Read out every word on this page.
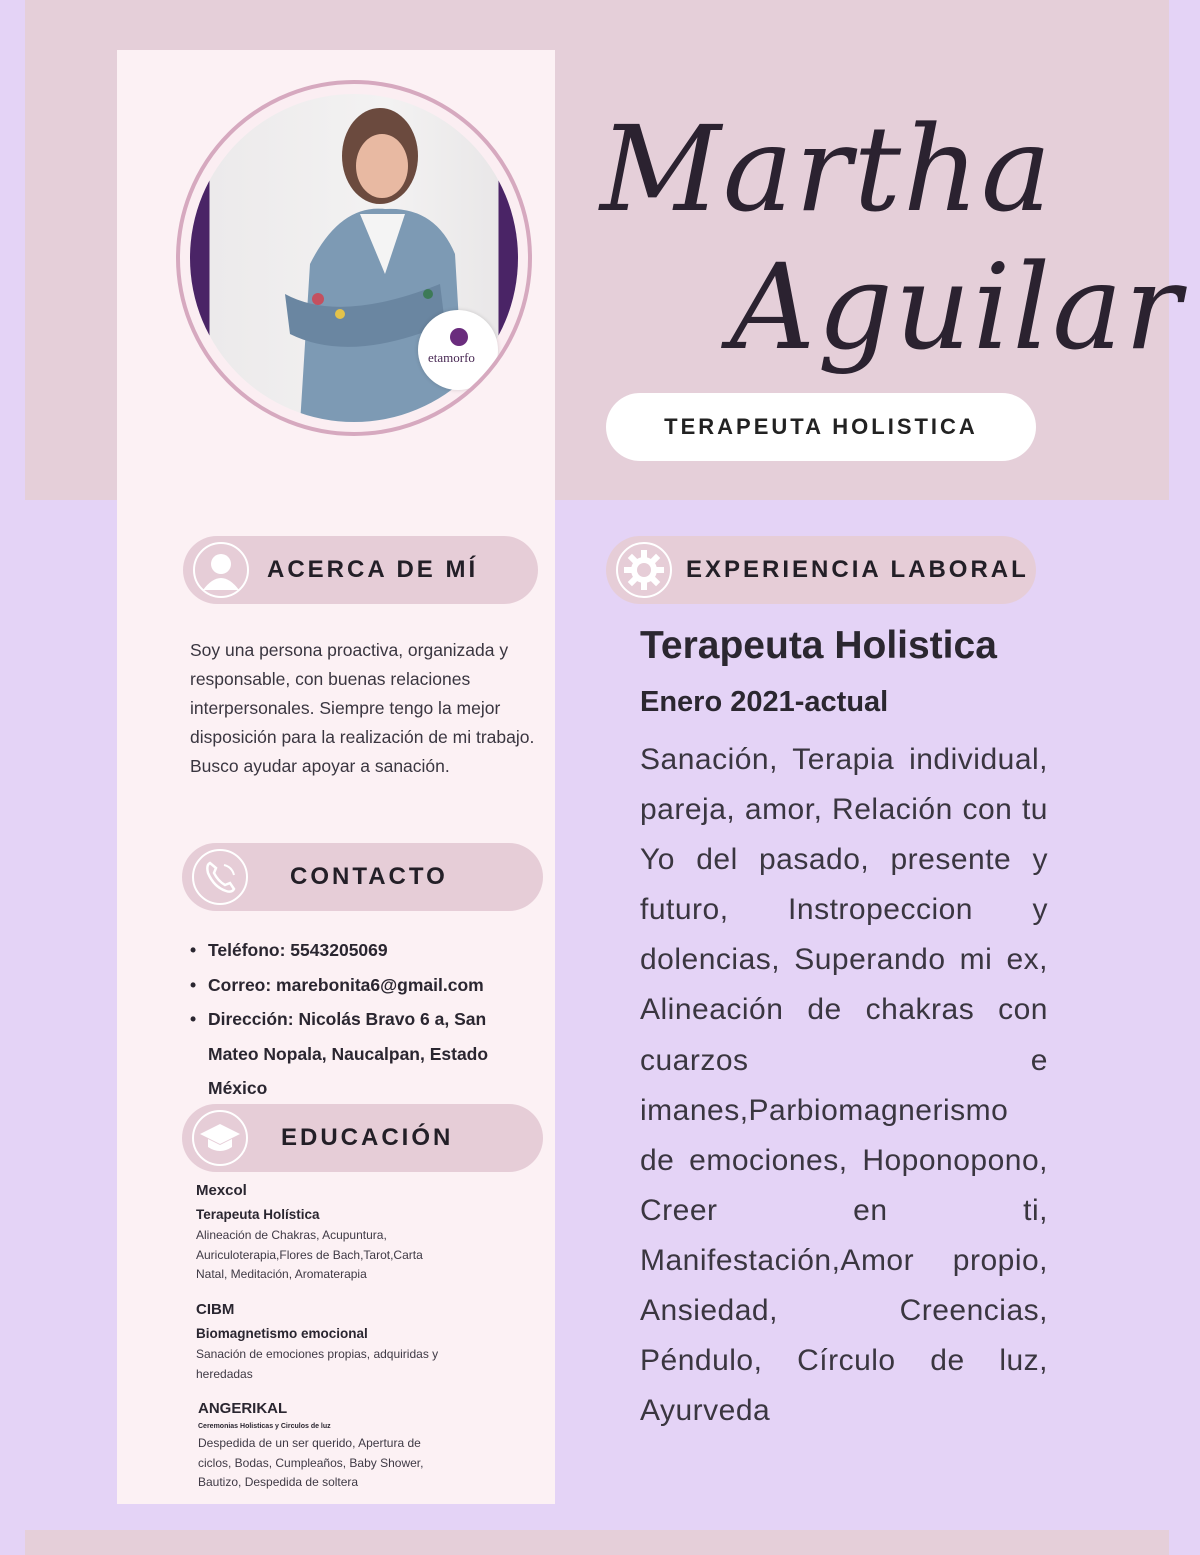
etamorfo
Martha
Aguilar
TERAPEUTA HOLISTICA
ACERCA DE MÍ
Soy una persona proactiva, organizada y responsable, con buenas relaciones interpersonales. Siempre tengo la mejor disposición para la realización de mi trabajo. Busco ayudar apoyar a sanación.
CONTACTO
• Teléfono: 5543205069
• Correo: marebonita6@gmail.com
• Dirección: Nicolás Bravo 6 a, San Mateo Nopala, Naucalpan, Estado México
EDUCACIÓN
Mexcol
Terapeuta Holística
Alineación de Chakras, Acupuntura, Auriculoterapia,Flores de Bach,Tarot,Carta Natal, Meditación, Aromaterapia
CIBM
Biomagnetismo emocional
Sanación de emociones propias, adquiridas y heredadas
ANGERIKAL
Ceremonias Holisticas y Circulos de luz
Despedida de un ser querido, Apertura de ciclos, Bodas, Cumpleaños, Baby Shower, Bautizo, Despedida de soltera
EXPERIENCIA LABORAL
Terapeuta Holistica
Enero 2021-actual
Sanación, Terapia individual, pareja, amor, Relación con tu Yo del pasado, presente y futuro, Instropeccion y dolencias, Superando mi ex, Alineación de chakras con cuarzos e imanes,Parbiomagnerismo de emociones, Hoponopono, Creer en ti, Manifestación,Amor propio, Ansiedad, Creencias, Péndulo, Círculo de luz, Ayurveda
